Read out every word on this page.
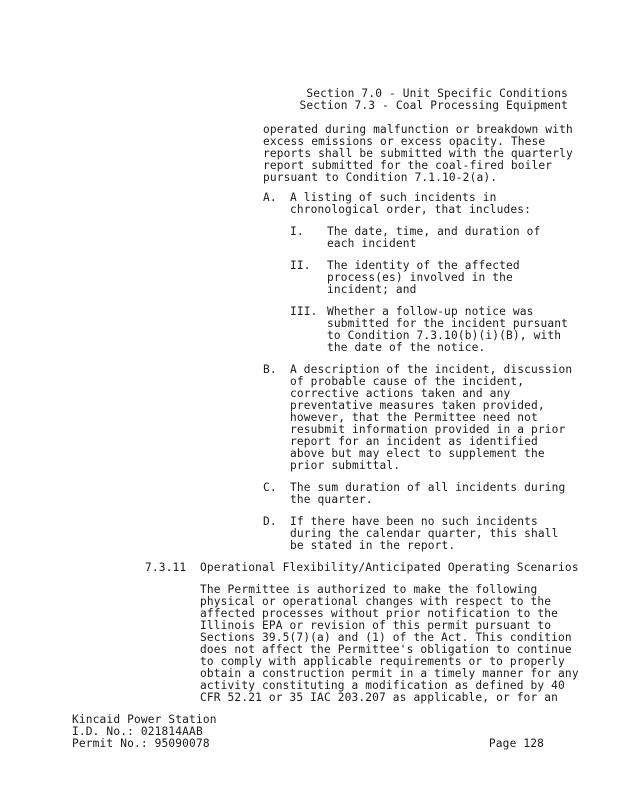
Section 7.0 - Unit Specific Conditions
Section 7.3 - Coal Processing Equipment
operated during malfunction or breakdown with
excess emissions or excess opacity. These
reports shall be submitted with the quarterly
report submitted for the coal-fired boiler
pursuant to Condition 7.1.10-2(a).
A. A listing of such incidents in
chronological order, that includes:
I. The date, time, and duration of
each incident
II. The identity of the affected
process(es) involved in the
incident; and
III. Whether a follow-up notice was
submitted for the incident pursuant
to Condition 7.3.10(b)(i)(B), with
the date of the notice.
B. A description of the incident, discussion
of probable cause of the incident,
corrective actions taken and any
preventative measures taken provided,
however, that the Permittee need not
resubmit information provided in a prior
report for an incident as identified
above but may elect to supplement the
prior submittal.
C. The sum duration of all incidents during
the quarter.
D. If there have been no such incidents
during the calendar quarter, this shall
be stated in the report.
7.3.11 Operational Flexibility/Anticipated Operating Scenarios
The Permittee is authorized to make the following
physical or operational changes with respect to the
affected processes without prior notification to the
Illinois EPA or revision of this permit pursuant to
Sections 39.5(7)(a) and (1) of the Act. This condition
does not affect the Permittee's obligation to continue
to comply with applicable requirements or to properly
obtain a construction permit in a timely manner for any
activity constituting a modification as defined by 40
CFR 52.21 or 35 IAC 203.207 as applicable, or for an
Kincaid Power Station
I.D. No.: 021814AAB
Permit No.: 95090078	Page 128
